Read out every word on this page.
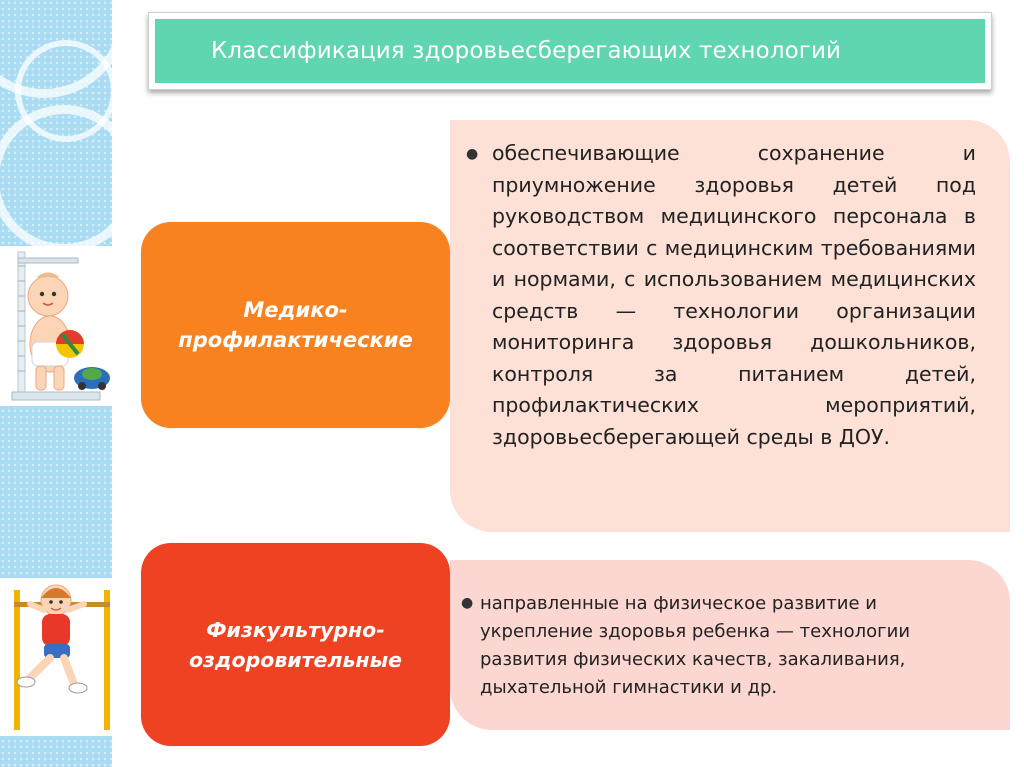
Классификация здоровьесберегающих технологий
● обеспечивающие сохранение и приумножение здоровья детей под руководством медицинского персонала в соответствии с медицинским требованиями и нормами, с использованием медицинских средств — технологии организации мониторинга здоровья дошкольников, контроля за питанием детей, профилактических мероприятий, здоровьесберегающей среды в ДОУ.
● направленные на физическое развитие и укрепление здоровья ребенка — технологии развития физических качеств, закаливания, дыхательной гимнастики и др.
Медико-профилактические
Физкультурно-оздоровительные
